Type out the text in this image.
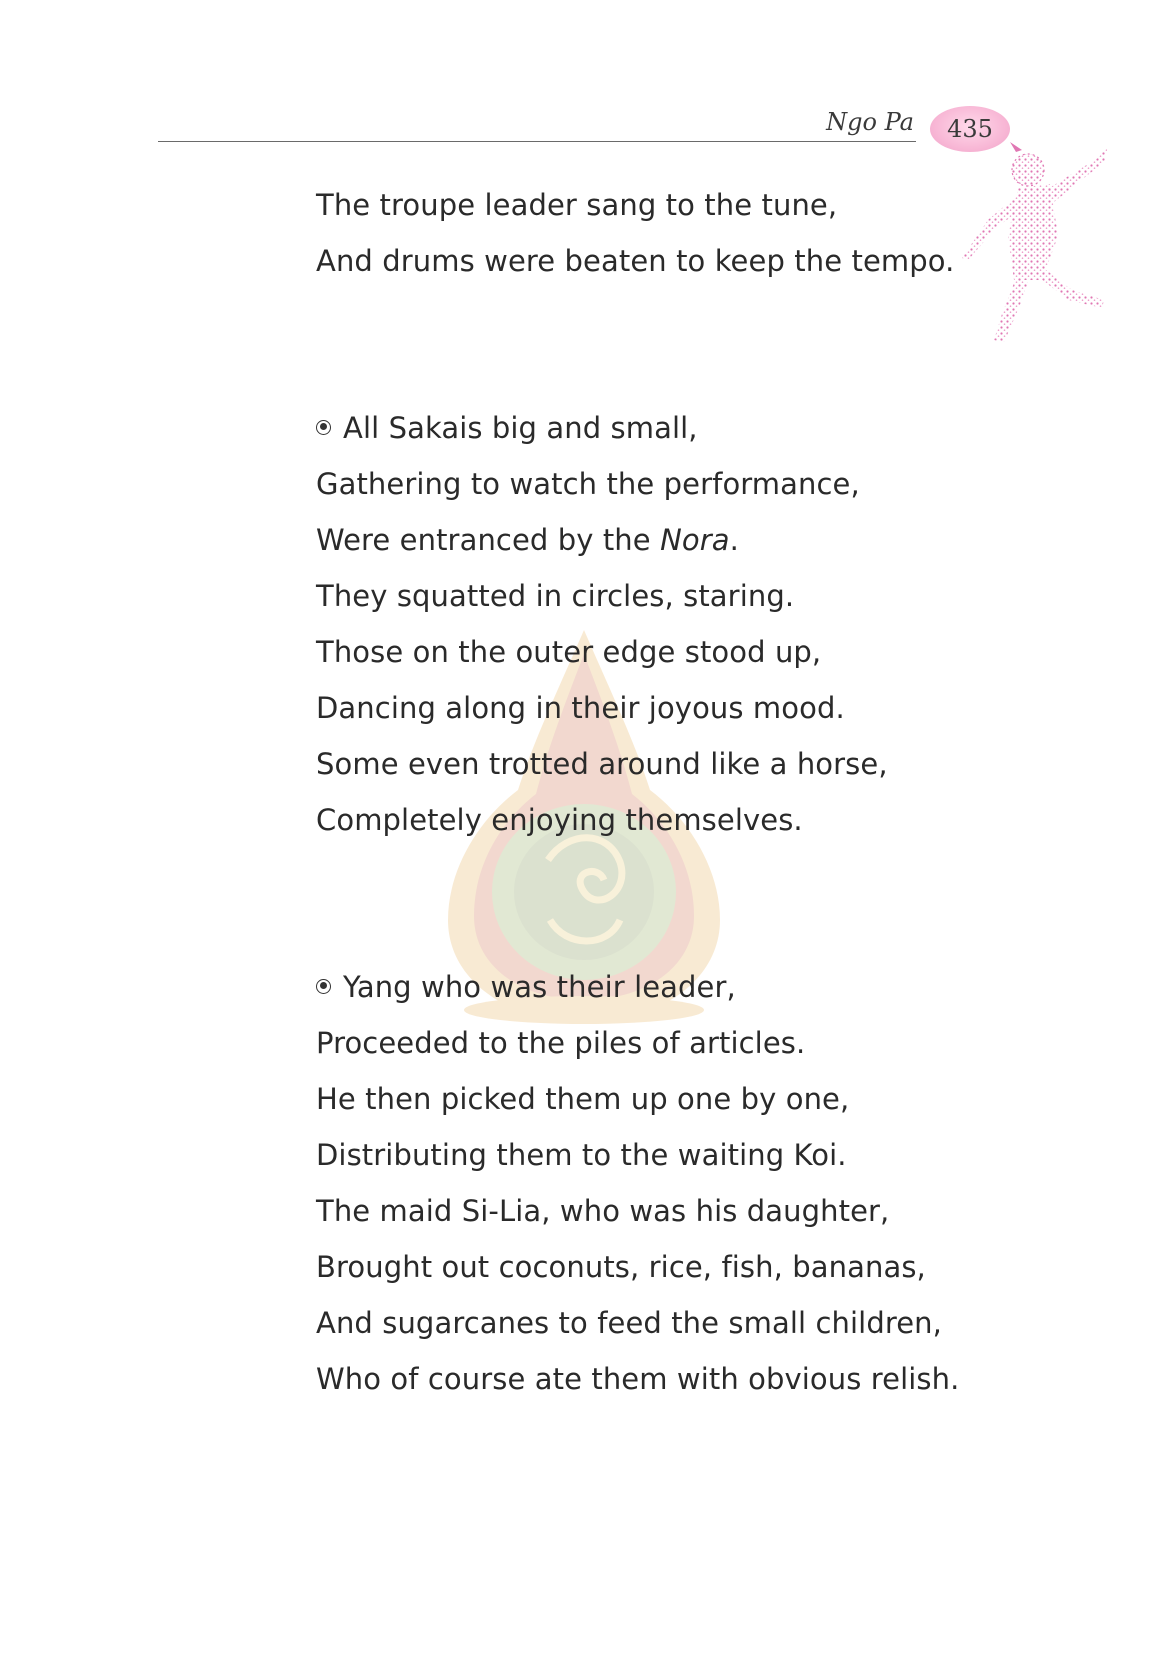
Ngo Pa 435

The troupe leader sang to the tune,

And drums were beaten to keep the tempo.

All Sakais big and small,

Gathering to watch the performance,

Were entranced by the Nora.

They squatted in circles, staring.

Those on the outer edge stood up,

Dancing along in their joyous mood.

Some even trotted around like a horse,

Completely enjoying themselves.

Yang who was their leader,

Proceeded to the piles of articles.

He then picked them up one by one,

Distributing them to the waiting Koi.

The maid Si-Lia, who was his daughter,

Brought out coconuts, rice, fish, bananas,

And sugarcanes to feed the small children,

Who of course ate them with obvious relish.
